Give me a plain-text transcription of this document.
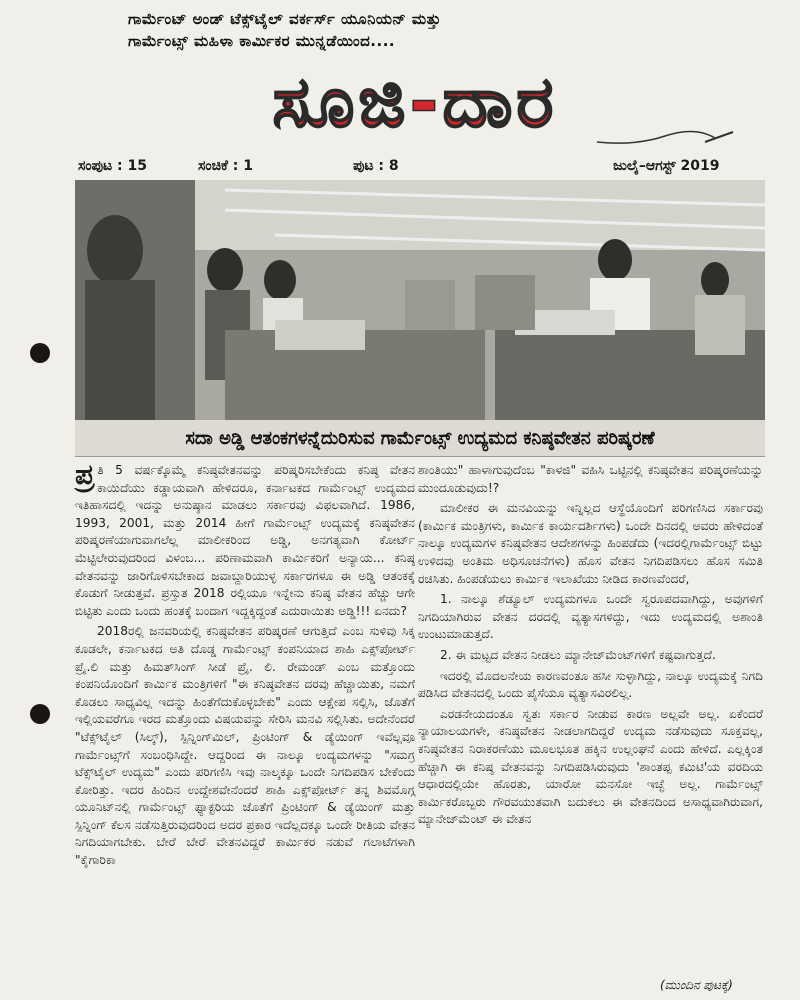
ಗಾರ್ಮೆಂಟ್ ಅಂಡ್ ಟೆಕ್ಸ್‌ಟೈಲ್ ವರ್ಕರ್ಸ್ ಯೂನಿಯನ್ ಮತ್ತು
ಗಾರ್ಮೆಂಟ್ಸ್ ಮಹಿಳಾ ಕಾರ್ಮಿಕರ ಮುನ್ನಡೆಯಿಂದ....
ಸೂಜಿ-ದಾರ
ಸಂಪುಟ : 15	ಸಂಚಿಕೆ : 1	ಪುಟ : 8	ಜುಲೈ–ಆಗಸ್ಟ್ 2019
ಸದಾ ಅಡ್ಡಿ ಆತಂಕಗಳನ್ನೆದುರಿಸುವ ಗಾರ್ಮೆಂಟ್ಸ್ ಉದ್ಯಮದ ಕನಿಷ್ಠವೇತನ ಪರಿಷ್ಕರಣೆ

ಪ್ರ ತಿ 5 ವರ್ಷಕ್ಕೊಮ್ಮೆ ಕನಿಷ್ಠವೇತನವನ್ನು ಪರಿಷ್ಕರಿಸಬೇಕೆಂದು ಕನಿಷ್ಠ ವೇತನ ಕಾಯಿದೆಯು ಕಡ್ಡಾಯವಾಗಿ ಹೇಳಿದರೂ, ಕರ್ನಾಟಕದ ಗಾರ್ಮೆಂಟ್ಸ್ ಉದ್ಯಮದ ಇತಿಹಾಸದಲ್ಲಿ ಇದನ್ನು ಅನುಷ್ಠಾನ ಮಾಡಲು ಸರ್ಕಾರವು ವಿಫಲವಾಗಿದೆ. 1986, 1993, 2001, ಮತ್ತು 2014 ಹೀಗೆ ಗಾರ್ಮೆಂಟ್ಸ್ ಉದ್ಯಮಕ್ಕೆ ಕನಿಷ್ಠವೇತನ ಪರಿಷ್ಕರಣೆಯಾಗುವಾಗಲೆಲ್ಲ ಮಾಲೀಕರಿಂದ ಅಡ್ಡಿ, ಅನಗತ್ಯವಾಗಿ ಕೋರ್ಟ್ ಮೆಟ್ಟಿಲೇರುವುದರಿಂದ ವಿಳಂಬ... ಪರಿಣಾಮವಾಗಿ ಕಾರ್ಮಿಕರಿಗೆ ಅನ್ಯಾಯ... ಕನಿಷ್ಠ ವೇತನವನ್ನು ಜಾರಿಗೊಳಿಸಬೇಕಾದ ಜವಾಬ್ದಾರಿಯುಳ್ಳ ಸರ್ಕಾರಗಳೂ ಈ ಅಡ್ಡಿ ಆತಂಕಕ್ಕೆ ಕೊಡುಗೆ ನೀಡುತ್ತವೆ. ಪ್ರಸ್ತುತ 2018 ರಲ್ಲಿಯೂ ಇನ್ನೇನು ಕನಿಷ್ಠ ವೇತನ ಹೆಚ್ಚು ಆಗೇ ಬಿಟ್ಟಿತು ಎಂದು ಒಂದು ಹಂತಕ್ಕೆ ಬಂದಾಗ ಇದ್ದಕ್ಕಿದ್ದಂತೆ ಎದುರಾಯಿತು ಅಡ್ಡಿ!!! ಏನದು?

2018ರಲ್ಲಿ ಜನವರಿಯಲ್ಲಿ ಕನಿಷ್ಠವೇತನ ಪರಿಷ್ಕರಣೆ ಆಗುತ್ತಿದೆ ಎಂಬ ಸುಳಿವು ಸಿಕ್ಕ ಕೂಡಲೇ, ಕರ್ನಾಟಕದ ಅತಿ ದೊಡ್ಡ ಗಾರ್ಮೆಂಟ್ಸ್ ಕಂಪನಿಯಾದ ಶಾಹಿ ಎಕ್ಸ್‌ಪೋರ್ಟ್ ಪ್ರೈ.ಲಿ ಮತ್ತು ಹಿಮತ್‌ಸಿಂಗ್ ಸೀಡೆ ಪ್ರೈ. ಲಿ. ರೇಮಂಡ್ ಎಂಬ ಮತ್ತೊಂದು ಕಂಪನಿಯೊಂದಿಗೆ ಕಾರ್ಮಿಕ ಮಂತ್ರಿಗಳಿಗೆ "ಈ ಕನಿಷ್ಠವೇತನ ದರವು ಹೆಚ್ಚಾಯಿತು, ನಮಗೆ ಕೊಡಲು ಸಾಧ್ಯವಿಲ್ಲ ಇದನ್ನು ಹಿಂತೆಗೆದುಕೊಳ್ಳಬೇಕು" ಎಂದು ಆಕ್ಷೇಪ ಸಲ್ಲಿಸಿ, ಜೊತೆಗೆ ಇಲ್ಲಿಯವರೆಗೂ ಇರದ ಮತ್ತೊಂದು ವಿಷಯವನ್ನು ಸೇರಿಸಿ ಮನವಿ ಸಲ್ಲಿಸಿತು. ಅದೇನೆಂದರೆ "ಟೆಕ್ಸ್‌ಟೈಲ್ (ಸಿಲ್ಕ್), ಸ್ಪಿನ್ನಿಂಗ್‌ಮಿಲ್, ಪ್ರಿಂಟಿಂಗ್ & ಡ್ಯೆಯಿಂಗ್ ಇವೆಲ್ಲವೂ ಗಾರ್ಮೆಂಟ್ಸ್‌ಗೆ ಸಂಬಂಧಿಸಿದ್ದೇ. ಆದ್ದರಿಂದ ಈ ನಾಲ್ಕೂ ಉದ್ಯಮಗಳನ್ನು "ಸಮಗ್ರ ಟೆಕ್ಸ್‌ಟೈಲ್ ಉದ್ಯಮ" ಎಂದು ಪರಿಗಣಿಸಿ ಇವು ನಾಲ್ಕಕ್ಕೂ ಒಂದೇ ನಿಗದಿಪಡಿಸ ಬೇಕೆಂದು ಕೋರಿತ್ತು. ಇದರ ಹಿಂದಿನ ಉದ್ದೇಶವೇನೆಂದರೆ ಶಾಹಿ ಎಕ್ಸ್‌ಪೋರ್ಟ್ ತನ್ನ ಶಿವಮೊಗ್ಗ ಯೂನಿಟ್‌ನಲ್ಲಿ ಗಾರ್ಮೆಂಟ್ಸ್ ಫ್ಯಾಕ್ಟರಿಯ ಜೊತೆಗೆ ಪ್ರಿಂಟಿಂಗ್ & ಡ್ಯೆಯಿಂಗ್ ಮತ್ತು ಸ್ಪಿನ್ನಿಂಗ್ ಕೆಲಸ ನಡೆಸುತ್ತಿರುವುದರಿಂದ ಅದರ ಪ್ರಕಾರ ಇದೆಲ್ಲದಕ್ಕೂ ಒಂದೇ ರೀತಿಯ ವೇತನ ನಿಗದಿಯಾಗಬೇಕು. ಬೇರೆ ಬೇರೆ ವೇತನವಿದ್ದರೆ ಕಾರ್ಮಿಕರ ನಡುವೆ ಗಲಾಟೆಗಳಾಗಿ "ಕೈಗಾರಿಕಾ

ಶಾಂತಿಯು" ಹಾಳಾಗುವುದೆಂಬ "ಕಾಳಜಿ" ವಹಿಸಿ ಒಟ್ಟಿನಲ್ಲಿ ಕನಿಷ್ಠವೇತನ ಪರಿಷ್ಕರಣೆಯನ್ನು ಮುಂದೂಡುವುದು!?

ಮಾಲೀಕರ ಈ ಮನವಿಯನ್ನು ಇನ್ನಿಲ್ಲದ ಆಸ್ಥೆಯೊಂದಿಗೆ ಪರಿಗಣಿಸಿದ ಸರ್ಕಾರವು (ಕಾರ್ಮಿಕ ಮಂತ್ರಿಗಳು, ಕಾರ್ಮಿಕ ಕಾರ್ಯದರ್ಶಿಗಳು) ಒಂದೇ ದಿನದಲ್ಲಿ ಅವರು ಹೇಳಿದಂತೆ ನಾಲ್ಕೂ ಉದ್ಯಮಗಳ ಕನಿಷ್ಠವೇತನ ಆದೇಶಗಳನ್ನು ಹಿಂಪಡೆದು (ಇದರಲ್ಲಿಗಾರ್ಮೆಂಟ್ಸ್ ಬಿಟ್ಟು ಉಳಿದವು ಅಂತಿಮ ಅಧಿಸೂಚನೆಗಳು) ಹೊಸ ವೇತನ ನಿಗದಿಪಡಿಸಲು ಹೊಸ ಸಮಿತಿ ರಚಿಸಿತು. ಹಿಂಪಡೆಯಲು ಕಾರ್ಮಿಕ ಇಲಾಖೆಯು ನೀಡಿದ ಕಾರಣವೆಂದರೆ,

1. ನಾಲ್ಕೂ ಶೆಡ್ಯೂಲ್ ಉದ್ಯಮಗಳೂ ಒಂದೇ ಸ್ವರೂಪದವಾಗಿದ್ದು, ಅವುಗಳಿಗೆ ನಿಗದಿಯಾಗಿರುವ ವೇತನ ದರದಲ್ಲಿ ವ್ಯತ್ಯಾಸಗಳಿದ್ದು, ಇದು ಉದ್ಯಮದಲ್ಲಿ ಅಶಾಂತಿ ಉಂಟುಮಾಡುತ್ತದೆ.

2. ಈ ಮಟ್ಟದ ವೇತನ ನೀಡಲು ಮ್ಯಾನೇಜ್‌ಮೆಂಟ್‌ಗಳಿಗೆ ಕಷ್ಟವಾಗುತ್ತದೆ.

ಇದರಲ್ಲಿ ಮೊದಲನೇಯ ಕಾರಣವಂತೂ ಹಸೀ ಸುಳ್ಳಾಗಿದ್ದು, ನಾಲ್ಕೂ ಉದ್ಯಮಕ್ಕೆ ನಿಗದಿ ಪಡಿಸಿದ ವೇತನದಲ್ಲಿ ಒಂದು ಪೈಸೆಯೂ ವ್ಯತ್ಯಾಸವಿರಲಿಲ್ಲ.

ಎರಡನೇಯದಂತೂ ಸ್ವತಃ ಸರ್ಕಾರ ನೀಡುವ ಕಾರಣ ಅಲ್ಲವೇ ಅಲ್ಲ. ಏಕೆಂದರೆ ನ್ಯಾಯಾಲಯಗಳೇ, ಕನಿಷ್ಠವೇತನ ನೀಡಲಾಗದಿದ್ದರೆ ಉದ್ಯಮ ನಡೆಸುವುದು ಸೂಕ್ತವಲ್ಲ, ಕನಿಷ್ಠವೇತನ ನಿರಾಕರಣೆಯು ಮೂಲಭೂತ ಹಕ್ಕಿನ ಉಲ್ಲಂಘನೆ ಎಂದು ಹೇಳಿದೆ. ಎಲ್ಲಕ್ಕಿಂತ ಹೆಚ್ಚಾಗಿ ಈ ಕನಿಷ್ಠ ವೇತನವನ್ನು ನಿಗದಿಪಡಿಸಿರುವುದು 'ಶಾಂತಪ್ಪ ಕಮಿಟಿ'ಯ ವರದಿಯ ಆಧಾರದಲ್ಲಿಯೇ ಹೊರತು, ಯಾರೋ ಮನಸೋ ಇಚ್ಛೆ ಅಲ್ಲ. ಗಾರ್ಮೆಂಟ್ಸ್ ಕಾರ್ಮಿಕರೊಬ್ಬರು ಗೌರವಯುತವಾಗಿ ಬದುಕಲು ಈ ವೇತನದಿಂದ ಅಸಾಧ್ಯವಾಗಿರುವಾಗ, ಮ್ಯಾನೇಜ್‌ಮೆಂಟ್ ಈ ವೇತನ

(ಮುಂದಿನ ಪುಟಕ್ಕೆ)
